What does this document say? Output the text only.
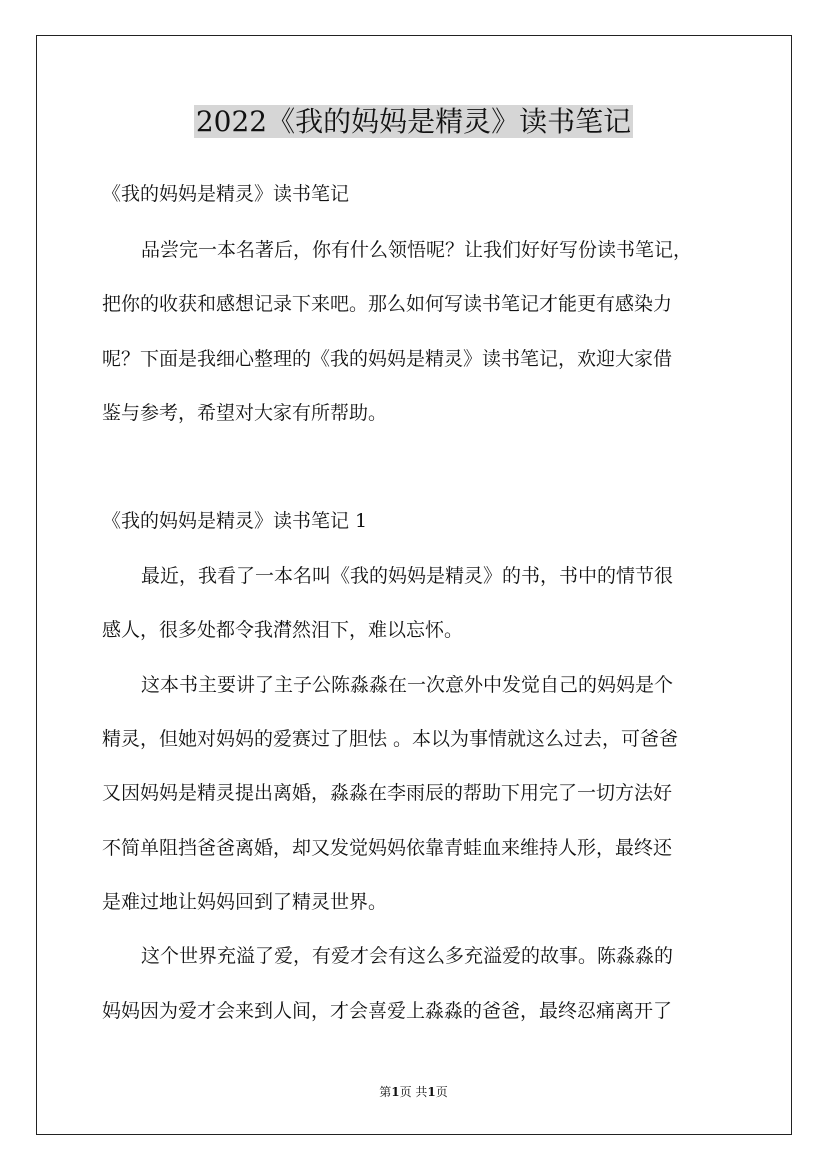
2022《我的妈妈是精灵》读书笔记

《我的妈妈是精灵》读书笔记

品尝完一本名著后，你有什么领悟呢？让我们好好写份读书笔记，

把你的收获和感想记录下来吧。那么如何写读书笔记才能更有感染力

呢？下面是我细心整理的《我的妈妈是精灵》读书笔记，欢迎大家借

鉴与参考，希望对大家有所帮助。

《我的妈妈是精灵》读书笔记 1

最近，我看了一本名叫《我的妈妈是精灵》的书，书中的情节很

感人，很多处都令我潸然泪下，难以忘怀。

这本书主要讲了主子公陈淼淼在一次意外中发觉自己的妈妈是个

精灵，但她对妈妈的爱赛过了胆怯 。本以为事情就这么过去，可爸爸

又因妈妈是精灵提出离婚，淼淼在李雨辰的帮助下用完了一切方法好

不简单阻挡爸爸离婚，却又发觉妈妈依靠青蛙血来维持人形，最终还

是难过地让妈妈回到了精灵世界。

这个世界充溢了爱，有爱才会有这么多充溢爱的故事。陈淼淼的

妈妈因为爱才会来到人间，才会喜爱上淼淼的爸爸，最终忍痛离开了

第1页 共1页
